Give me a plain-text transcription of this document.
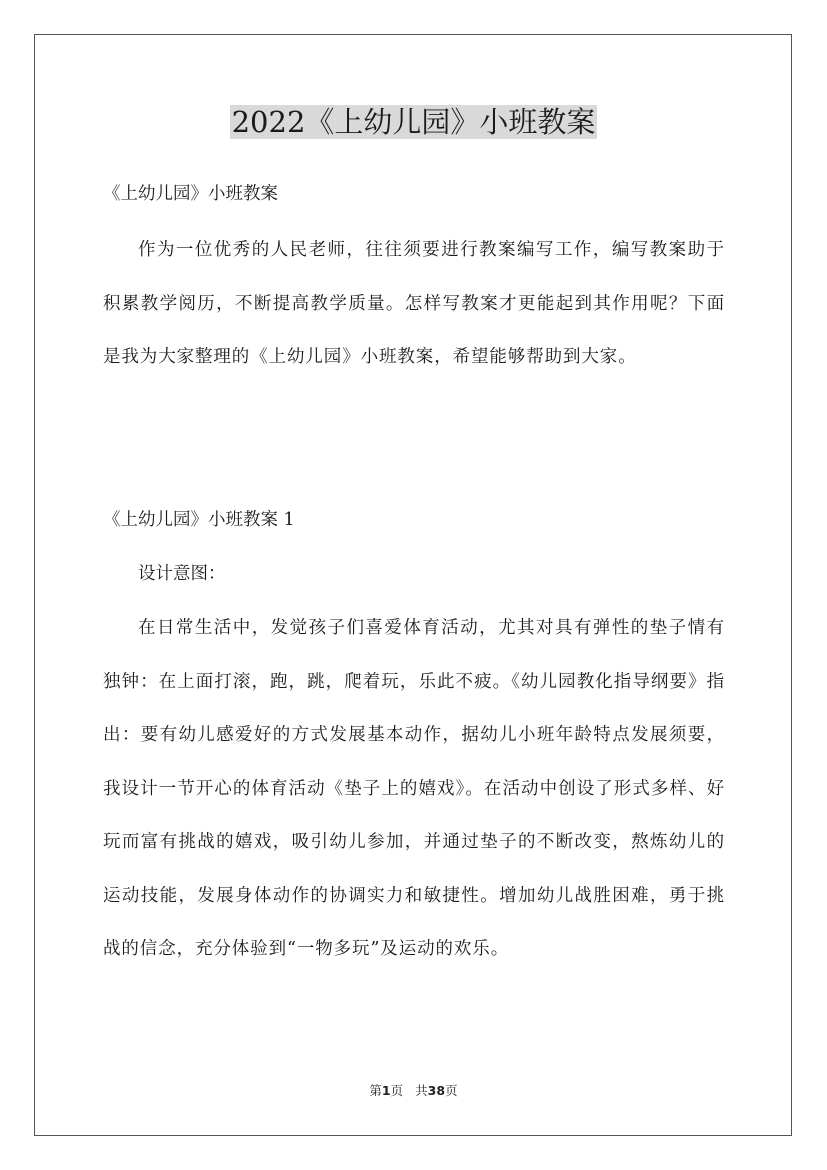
2022《上幼儿园》小班教案

《上幼儿园》小班教案

作为一位优秀的人民老师，往往须要进行教案编写工作，编写教案助于积累教学阅历，不断提高教学质量。怎样写教案才更能起到其作用呢？下面是我为大家整理的《上幼儿园》小班教案，希望能够帮助到大家。

《上幼儿园》小班教案 1

设计意图：

在日常生活中，发觉孩子们喜爱体育活动，尤其对具有弹性的垫子情有独钟：在上面打滚，跑，跳，爬着玩，乐此不疲。《幼儿园教化指导纲要》指出：要有幼儿感爱好的方式发展基本动作，据幼儿小班年龄特点发展须要，我设计一节开心的体育活动《垫子上的嬉戏》。在活动中创设了形式多样、好玩而富有挑战的嬉戏，吸引幼儿参加，并通过垫子的不断改变，熬炼幼儿的运动技能，发展身体动作的协调实力和敏捷性。增加幼儿战胜困难，勇于挑战的信念，充分体验到“一物多玩”及运动的欢乐。

第1页 共38页
